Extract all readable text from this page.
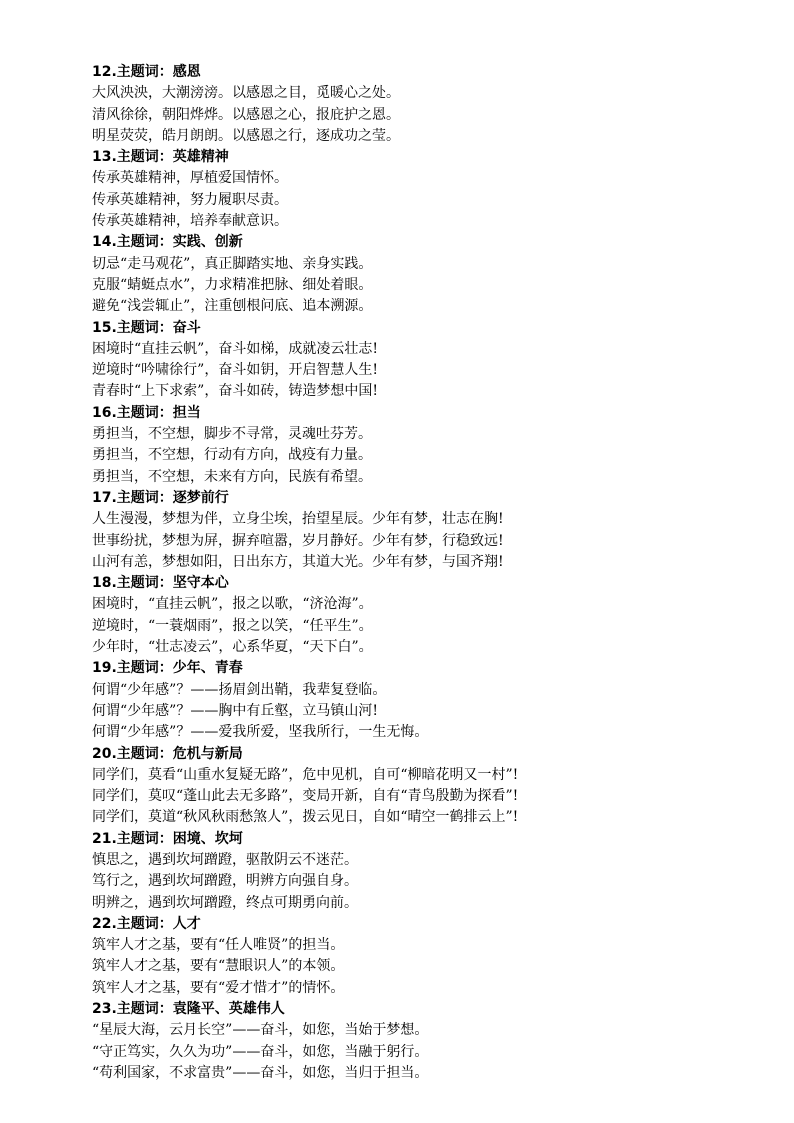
12.主题词：感恩
大风泱泱，大潮滂滂。以感恩之目，觅暖心之处。
清风徐徐，朝阳烨烨。以感恩之心，报庇护之恩。
明星荧荧，皓月朗朗。以感恩之行，逐成功之莹。
13.主题词：英雄精神
传承英雄精神，厚植爱国情怀。
传承英雄精神，努力履职尽责。
传承英雄精神，培养奉献意识。
14.主题词：实践、创新
切忌“走马观花”，真正脚踏实地、亲身实践。
克服“蜻蜓点水”，力求精准把脉、细处着眼。
避免“浅尝辄止”，注重刨根问底、追本溯源。
15.主题词：奋斗
困境时“直挂云帆”，奋斗如梯，成就凌云壮志!
逆境时“吟啸徐行”，奋斗如钥，开启智慧人生!
青春时“上下求索”，奋斗如砖，铸造梦想中国!
16.主题词：担当
勇担当，不空想，脚步不寻常，灵魂吐芬芳。
勇担当，不空想，行动有方向，战疫有力量。
勇担当，不空想，未来有方向，民族有希望。
17.主题词：逐梦前行
人生漫漫，梦想为伴，立身尘埃，抬望星辰。少年有梦，壮志在胸!
世事纷扰，梦想为屏，摒弃喧嚣，岁月静好。少年有梦，行稳致远!
山河有恙，梦想如阳，日出东方，其道大光。少年有梦，与国齐翔!
18.主题词：坚守本心
困境时，“直挂云帆”，报之以歌，“济沧海”。
逆境时，“一蓑烟雨”，报之以笑，“任平生”。
少年时，“壮志凌云”，心系华夏，“天下白”。
19.主题词：少年、青春
何谓“少年感”？——扬眉剑出鞘，我辈复登临。
何谓“少年感”？——胸中有丘壑，立马镇山河!
何谓“少年感”？——爱我所爱，坚我所行，一生无悔。
20.主题词：危机与新局
同学们，莫看“山重水复疑无路”，危中见机，自可“柳暗花明又一村”!
同学们，莫叹“蓬山此去无多路”，变局开新，自有“青鸟殷勤为探看”!
同学们，莫道“秋风秋雨愁煞人”，拨云见日，自如“晴空一鹤排云上”!
21.主题词：困境、坎坷
慎思之，遇到坎坷蹭蹬，驱散阴云不迷茫。
笃行之，遇到坎坷蹭蹬，明辨方向强自身。
明辨之，遇到坎坷蹭蹬，终点可期勇向前。
22.主题词：人才
筑牢人才之基，要有“任人唯贤”的担当。
筑牢人才之基，要有“慧眼识人”的本领。
筑牢人才之基，要有“爱才惜才”的情怀。
23.主题词：袁隆平、英雄伟人
“星辰大海，云月长空”——奋斗，如您，当始于梦想。
“守正笃实，久久为功”——奋斗，如您，当融于躬行。
“苟利国家，不求富贵”——奋斗，如您，当归于担当。
